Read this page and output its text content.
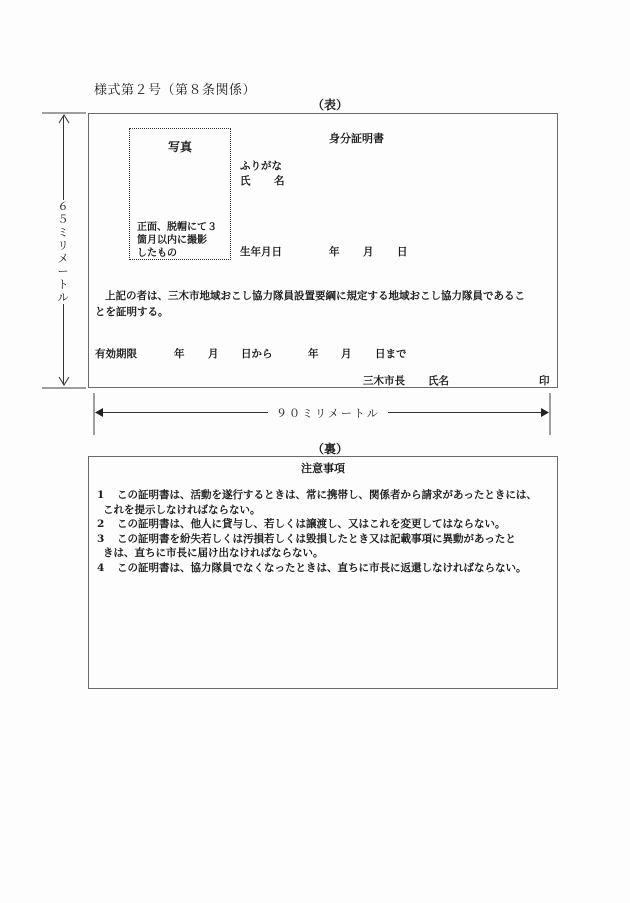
様式第２号（第８条関係）
（表）
６
５
ミ
リ
メ
ー
ト
ル
写真
正面、脱帽にて３
箇月以内に撮影
したもの
身分証明書
ふりがな
氏 名
生年月日	年 月 日
上記の者は、三木市地域おこし協力隊員設置要綱に規定する地域おこし協力隊員であるこ
とを証明する。
有効期限	年 月 日から	年 月 日まで
三木市長 氏名	印
９０ミリメートル
（裏）
注意事項
1 この証明書は、活動を遂行するときは、常に携帯し、関係者から請求があったときには、
これを提示しなければならない。
2 この証明書は、他人に貸与し、若しくは譲渡し、又はこれを変更してはならない。
3 この証明書を紛失若しくは汚損若しくは毀損したとき又は記載事項に異動があったと
きは、直ちに市長に届け出なければならない。
4 この証明書は、協力隊員でなくなったときは、直ちに市長に返還しなければならない。
